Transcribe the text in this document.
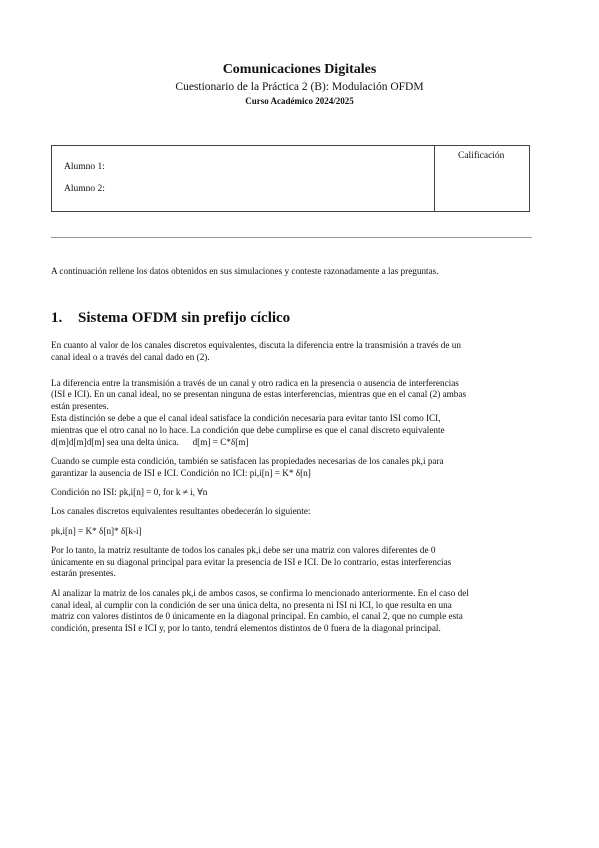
Comunicaciones Digitales
Cuestionario de la Práctica 2 (B): Modulación OFDM
Curso Académico 2024/2025
Alumno 1:
Alumno 2:
Calificación
A continuación rellene los datos obtenidos en sus simulaciones y conteste razonadamente a las preguntas.
1. Sistema OFDM sin prefijo cíclico

En cuanto al valor de los canales discretos equivalentes, discuta la diferencia entre la transmisión a través de un
canal ideal o a través del canal dado en (2).

La diferencia entre la transmisión a través de un canal y otro radica en la presencia o ausencia de interferencias
(ISI e ICI). En un canal ideal, no se presentan ninguna de estas interferencias, mientras que en el canal (2) ambas
están presentes.
Esta distinción se debe a que el canal ideal satisface la condición necesaria para evitar tanto ISI como ICI,
mientras que el otro canal no lo hace. La condición que debe cumplirse es que el canal discreto equivalente
d[m]d[m]d[m] sea una delta única.      d[m] = C*δ[m]

Cuando se cumple esta condición, también se satisfacen las propiedades necesarias de los canales pk,i para
garantizar la ausencia de ISI e ICI. Condición no ICI: pi,i[n] = K* δ[n]

Condición no ISI: pk,i[n] = 0, for k ≠ i, ∀n

Los canales discretos equivalentes resultantes obedecerán lo siguiente:

pk,i[n] = K* δ[n]* δ[k-i]

Por lo tanto, la matriz resultante de todos los canales pk,i debe ser una matriz con valores diferentes de 0
únicamente en su diagonal principal para evitar la presencia de ISI e ICI. De lo contrario, estas interferencias
estarán presentes.

Al analizar la matriz de los canales pk,i de ambos casos, se confirma lo mencionado anteriormente. En el caso del
canal ideal, al cumplir con la condición de ser una única delta, no presenta ni ISI ni ICI, lo que resulta en una
matriz con valores distintos de 0 únicamente en la diagonal principal. En cambio, el canal 2, que no cumple esta
condición, presenta ISI e ICI y, por lo tanto, tendrá elementos distintos de 0 fuera de la diagonal principal.
